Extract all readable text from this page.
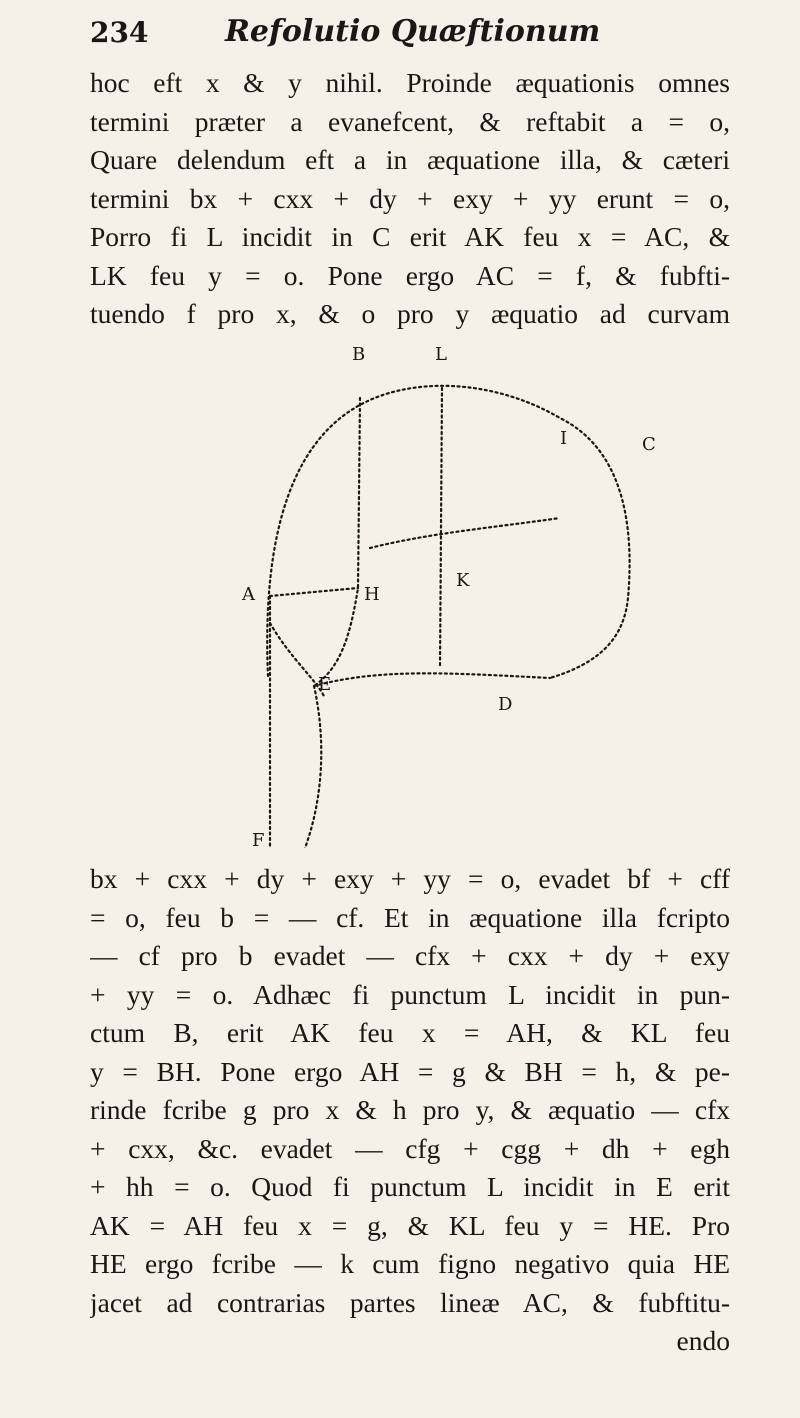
234	Refolutio Quæftionum
hoc eft x & y nihil. Proinde æquationis omnes
termini præter a evanefcent, & reftabit a = o,
Quare delendum eft a in æquatione illa, & cæteri
termini bx + cxx + dy + exy + yy erunt = o,
Porro fi L incidit in C erit AK feu x = AC, &
LK feu y = o. Pone ergo AC = f, & fubfti-
tuendo f pro x, & o pro y æquatio ad curvam
B	L
C
I
A	H
K
E
D
F
bx + cxx + dy + exy + yy = o, evadet bf + cff
= o, feu b = — cf. Et in æquatione illa fcripto
— cf pro b evadet — cfx + cxx + dy + exy
+ yy = o. Adhæc fi punctum L incidit in pun-
ctum B, erit AK feu x = AH, & KL feu
y = BH. Pone ergo AH = g & BH = h, & pe-
rinde fcribe g pro x & h pro y, & æquatio — cfx
+ cxx, &c. evadet — cfg + cgg + dh + egh
+ hh = o. Quod fi punctum L incidit in E erit
AK = AH feu x = g, & KL feu y = HE. Pro
HE ergo fcribe — k cum figno negativo quia HE
jacet ad contrarias partes lineæ AC, & fubftitu-
endo
